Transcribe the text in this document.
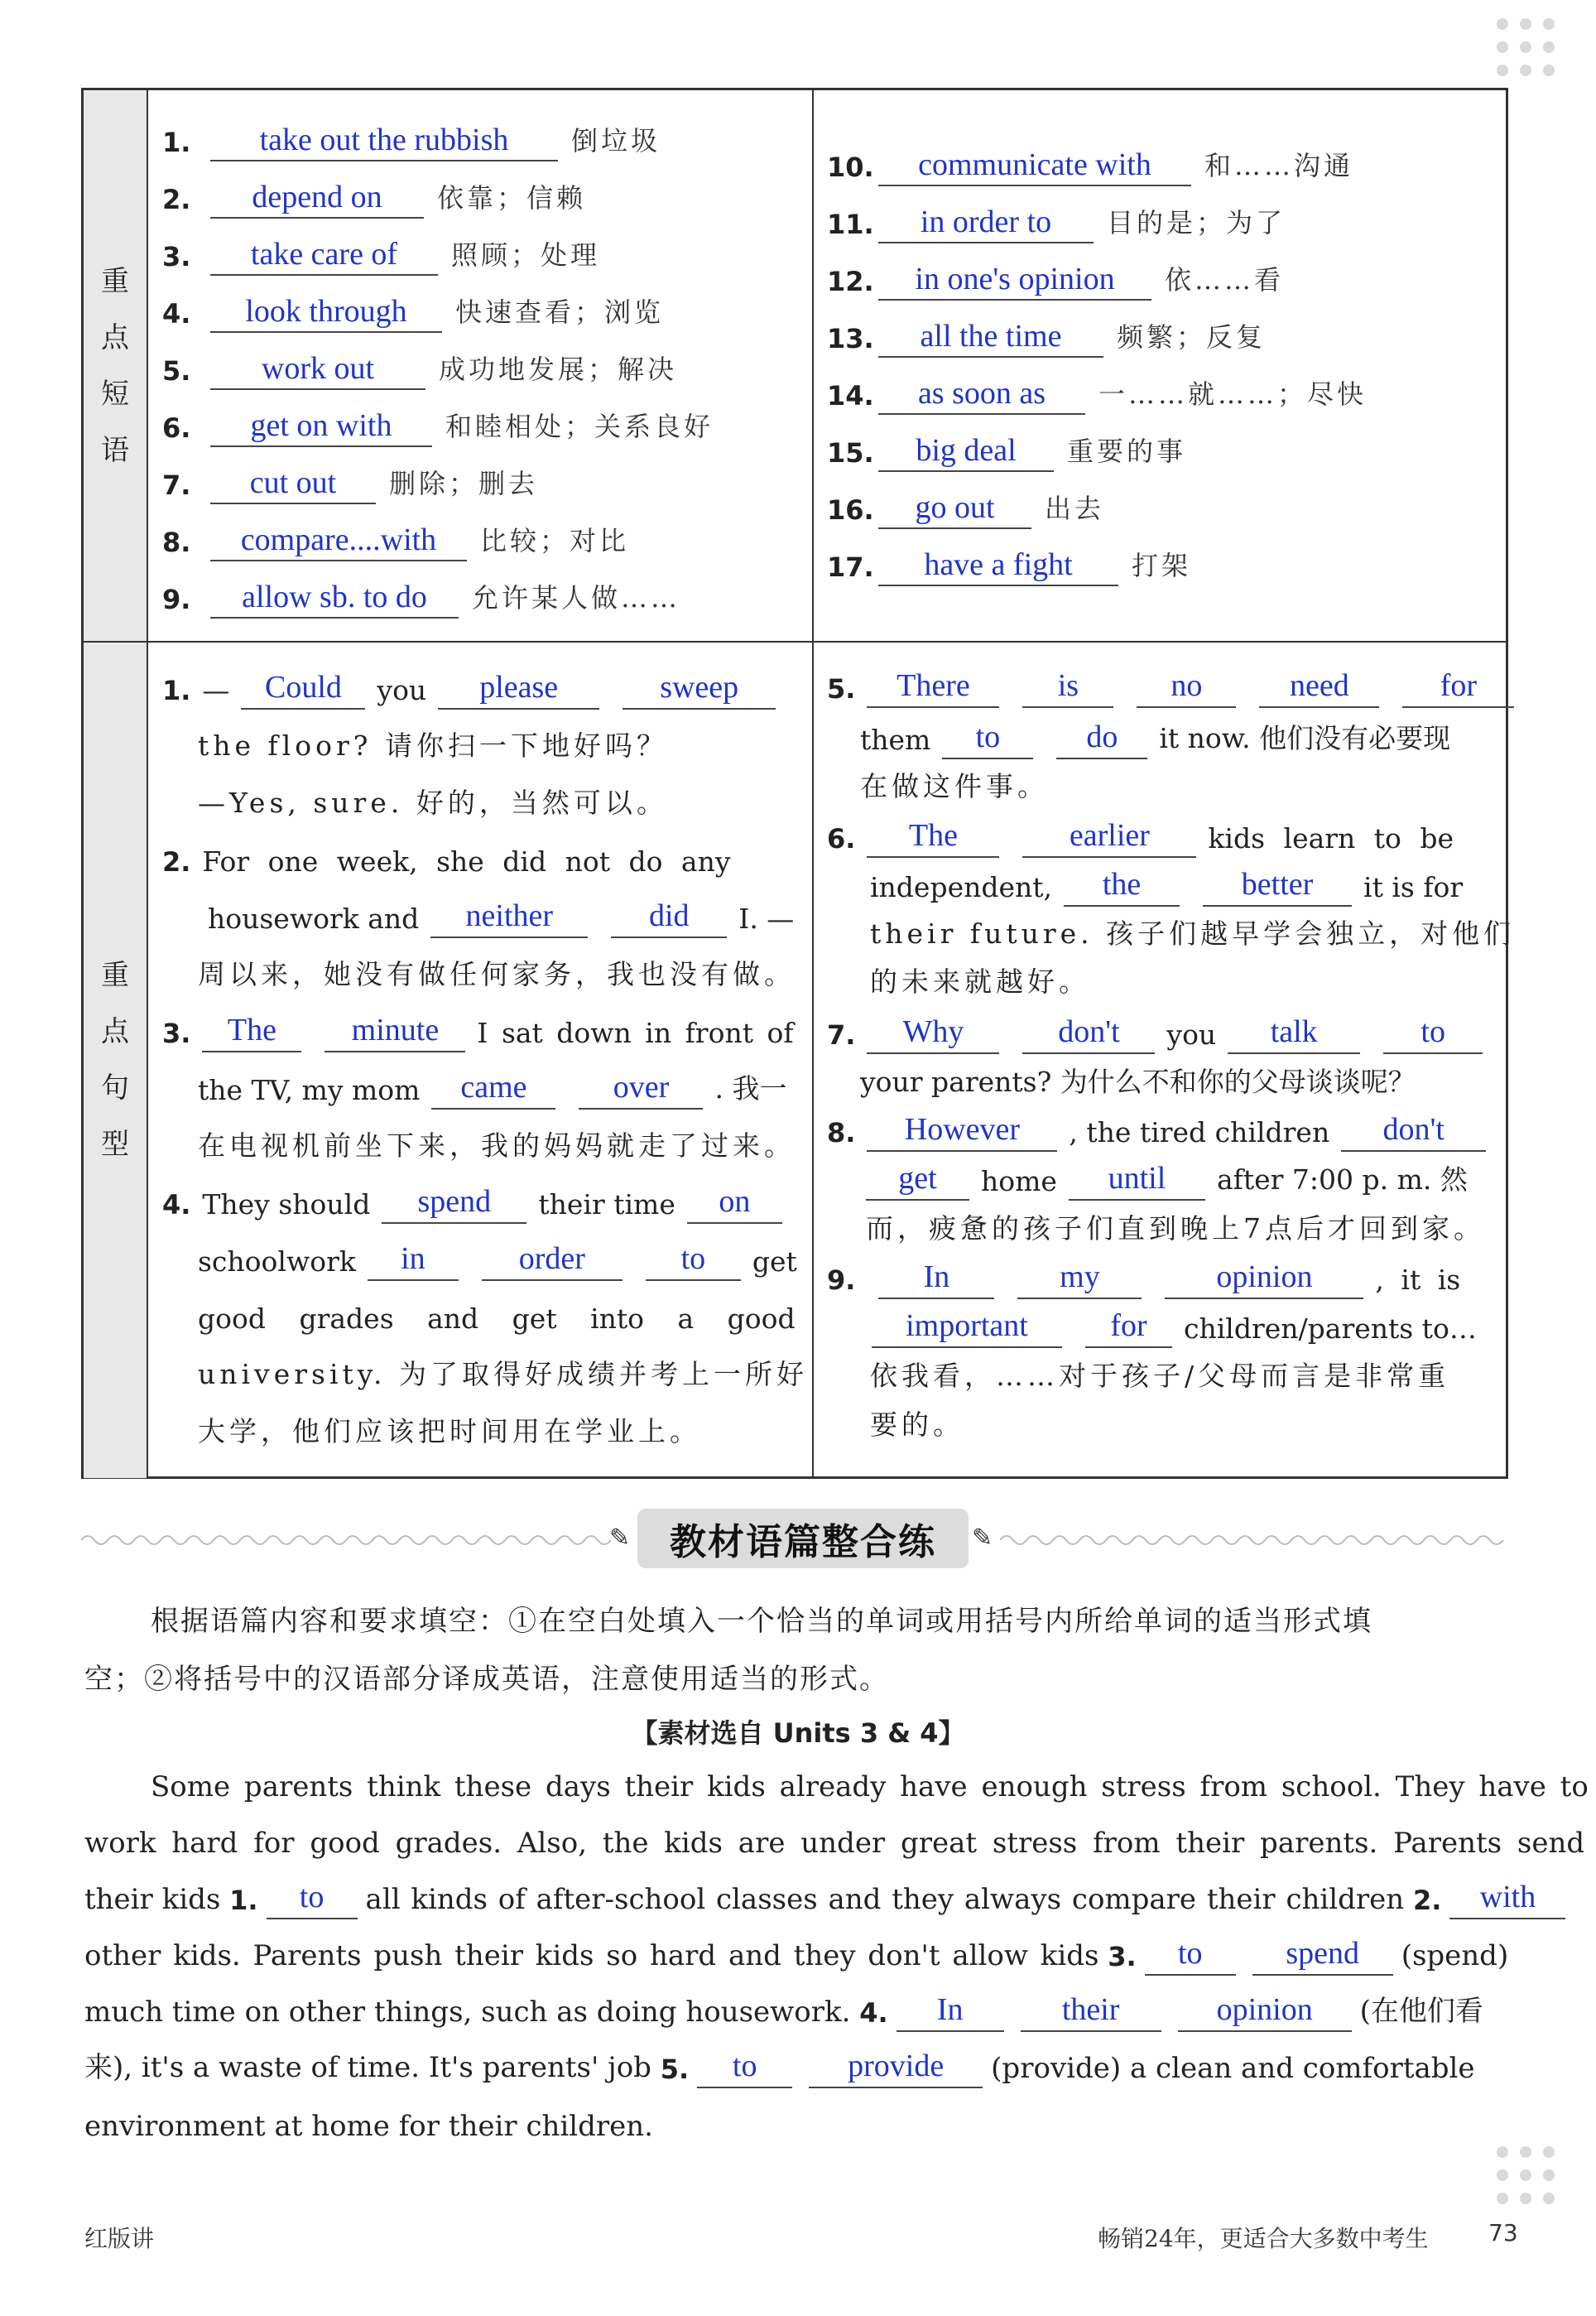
重
点
短
语
重
点
句
型
1.	take out the rubbish	倒垃圾
2.	depend on	依靠；信赖
3.	take care of	照顾；处理
4.	look through	快速查看；浏览
5.	work out	成功地发展；解决
6.	get on with	和睦相处；关系良好
7.	cut out	删除；删去
8.	compare....with	比较；对比
9.	allow sb. to do	允许某人做……
10.	communicate with	和……沟通
11.	in order to	目的是；为了
12.	in one's opinion	依……看
13.	all the time	频繁；反复
14.	as soon as	一……就……；尽快
15.	big deal	重要的事
16.	go out	出去
17.	have a fight	打架
1. —	Could	you	please	sweep
the floor? 请你扫一下地好吗？
—Yes, sure. 好的，当然可以。
2. For one week, she did not do any
housework and	neither	did	I. —
周以来，她没有做任何家务，我也没有做。
3.	The	minute	I sat down in front of
the TV, my mom	came	over	. 我一
在电视机前坐下来，我的妈妈就走了过来。
4. They should	spend	their time	on
schoolwork	in	order	to	get
good grades and get into a good
university. 为了取得好成绩并考上一所好
大学，他们应该把时间用在学业上。
5.	There	is	no	need	for
them	to	do	it now. 他们没有必要现
在做这件事。
6.	The	earlier	kids learn to be
independent,	the	better	it is for
their future. 孩子们越早学会独立，对他们
的未来就越好。
7.	Why	don't	you	talk	to
your parents? 为什么不和你的父母谈谈呢？
8.	However	, the tired children	don't
get	home	until	after 7:00 p. m. 然
而，疲惫的孩子们直到晚上7点后才回到家。
9.	In	my	opinion	, it is
important	for	children/parents to…
依我看，……对于孩子/父母而言是非常重
要的。
✎	教材语篇整合练	✎
根据语篇内容和要求填空：①在空白处填入一个恰当的单词或用括号内所给单词的适当形式填
空；②将括号中的汉语部分译成英语，注意使用适当的形式。
【素材选自 Units 3 & 4】
Some parents think these days their kids already have enough stress from school. They have to
work hard for good grades. Also, the kids are under great stress from their parents. Parents send
their kids
1.	to	all kinds of after-school classes and they always compare their children
2.	with
other kids. Parents push their kids so hard and they don't allow kids
3.	to	spend	(spend)
much time on other things, such as doing housework.
4.	In	their	opinion	(在他们看
来), it's a waste of time. It's parents' job
5.	to	provide	(provide) a clean and comfortable
environment at home for their children.
红版讲	畅销24年，更适合大多数中考生	73
